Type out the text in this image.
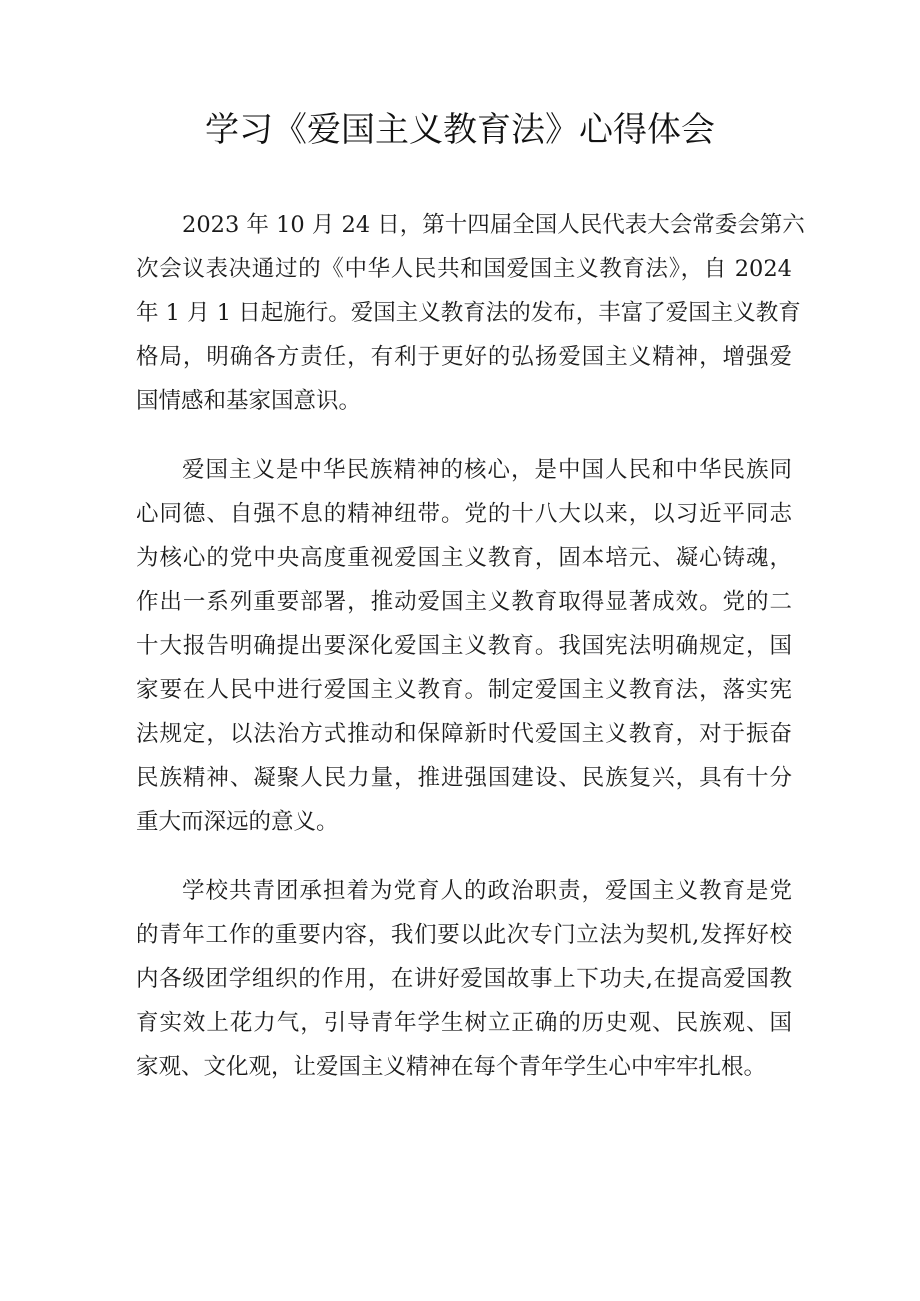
学习《爱国主义教育法》心得体会
2023 年 10 月 24 日，第十四届全国人民代表大会常委会第六
次会议表决通过的《中华人民共和国爱国主义教育法》，自 2024
年 1 月 1 日起施行。爱国主义教育法的发布，丰富了爱国主义教育
格局，明确各方责任，有利于更好的弘扬爱国主义精神，增强爱
国情感和基家国意识。
爱国主义是中华民族精神的核心，是中国人民和中华民族同
心同德、自强不息的精神纽带。党的十八大以来，以习近平同志
为核心的党中央高度重视爱国主义教育，固本培元、凝心铸魂，
作出一系列重要部署，推动爱国主义教育取得显著成效。党的二
十大报告明确提出要深化爱国主义教育。我国宪法明确规定，国
家要在人民中进行爱国主义教育。制定爱国主义教育法，落实宪
法规定，以法治方式推动和保障新时代爱国主义教育，对于振奋
民族精神、凝聚人民力量，推进强国建设、民族复兴，具有十分
重大而深远的意义。
学校共青团承担着为党育人的政治职责，爱国主义教育是党
的青年工作的重要内容，我们要以此次专门立法为契机,发挥好校
内各级团学组织的作用，在讲好爱国故事上下功夫,在提高爱国教
育实效上花力气，引导青年学生树立正确的历史观、民族观、国
家观、文化观，让爱国主义精神在每个青年学生心中牢牢扎根。
